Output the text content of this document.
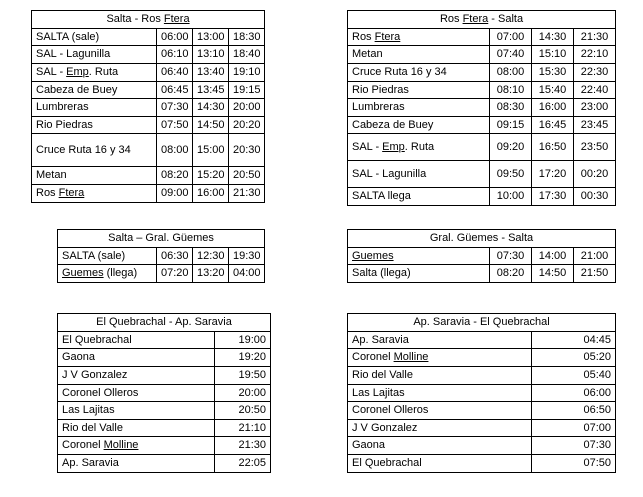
Salta - Ros Ftera			
SALTA (sale)	06:00	13:00	18:30
SAL - Lagunilla	06:10	13:10	18:40
SAL - Emp. Ruta	06:40	13:40	19:10
Cabeza de Buey	06:45	13:45	19:15
Lumbreras	07:30	14:30	20:00
Rio Piedras	07:50	14:50	20:20
Cruce Ruta 16 y 34	08:00	15:00	20:30
Metan	08:20	15:20	20:50
Ros Ftera	09:00	16:00	21:30
Ros Ftera - Salta			
Ros Ftera	07:00	14:30	21:30
Metan	07:40	15:10	22:10
Cruce Ruta 16 y 34	08:00	15:30	22:30
Rio Piedras	08:10	15:40	22:40
Lumbreras	08:30	16:00	23:00
Cabeza de Buey	09:15	16:45	23:45
SAL - Emp. Ruta	09:20	16:50	23:50
SAL - Lagunilla	09:50	17:20	00:20
SALTA llega	10:00	17:30	00:30
Salta – Gral. Güemes			
SALTA (sale)	06:30	12:30	19:30
Guemes (llega)	07:20	13:20	04:00
Gral. Güemes - Salta			
Guemes	07:30	14:00	21:00
Salta (llega)	08:20	14:50	21:50
El Quebrachal - Ap. Saravia	
El Quebrachal	19:00
Gaona	19:20
J V Gonzalez	19:50
Coronel Olleros	20:00
Las Lajitas	20:50
Rio del Valle	21:10
Coronel Molline	21:30
Ap. Saravia	22:05
Ap. Saravia - El Quebrachal	
Ap. Saravia	04:45
Coronel Molline	05:20
Rio del Valle	05:40
Las Lajitas	06:00
Coronel Olleros	06:50
J V Gonzalez	07:00
Gaona	07:30
El Quebrachal	07:50
